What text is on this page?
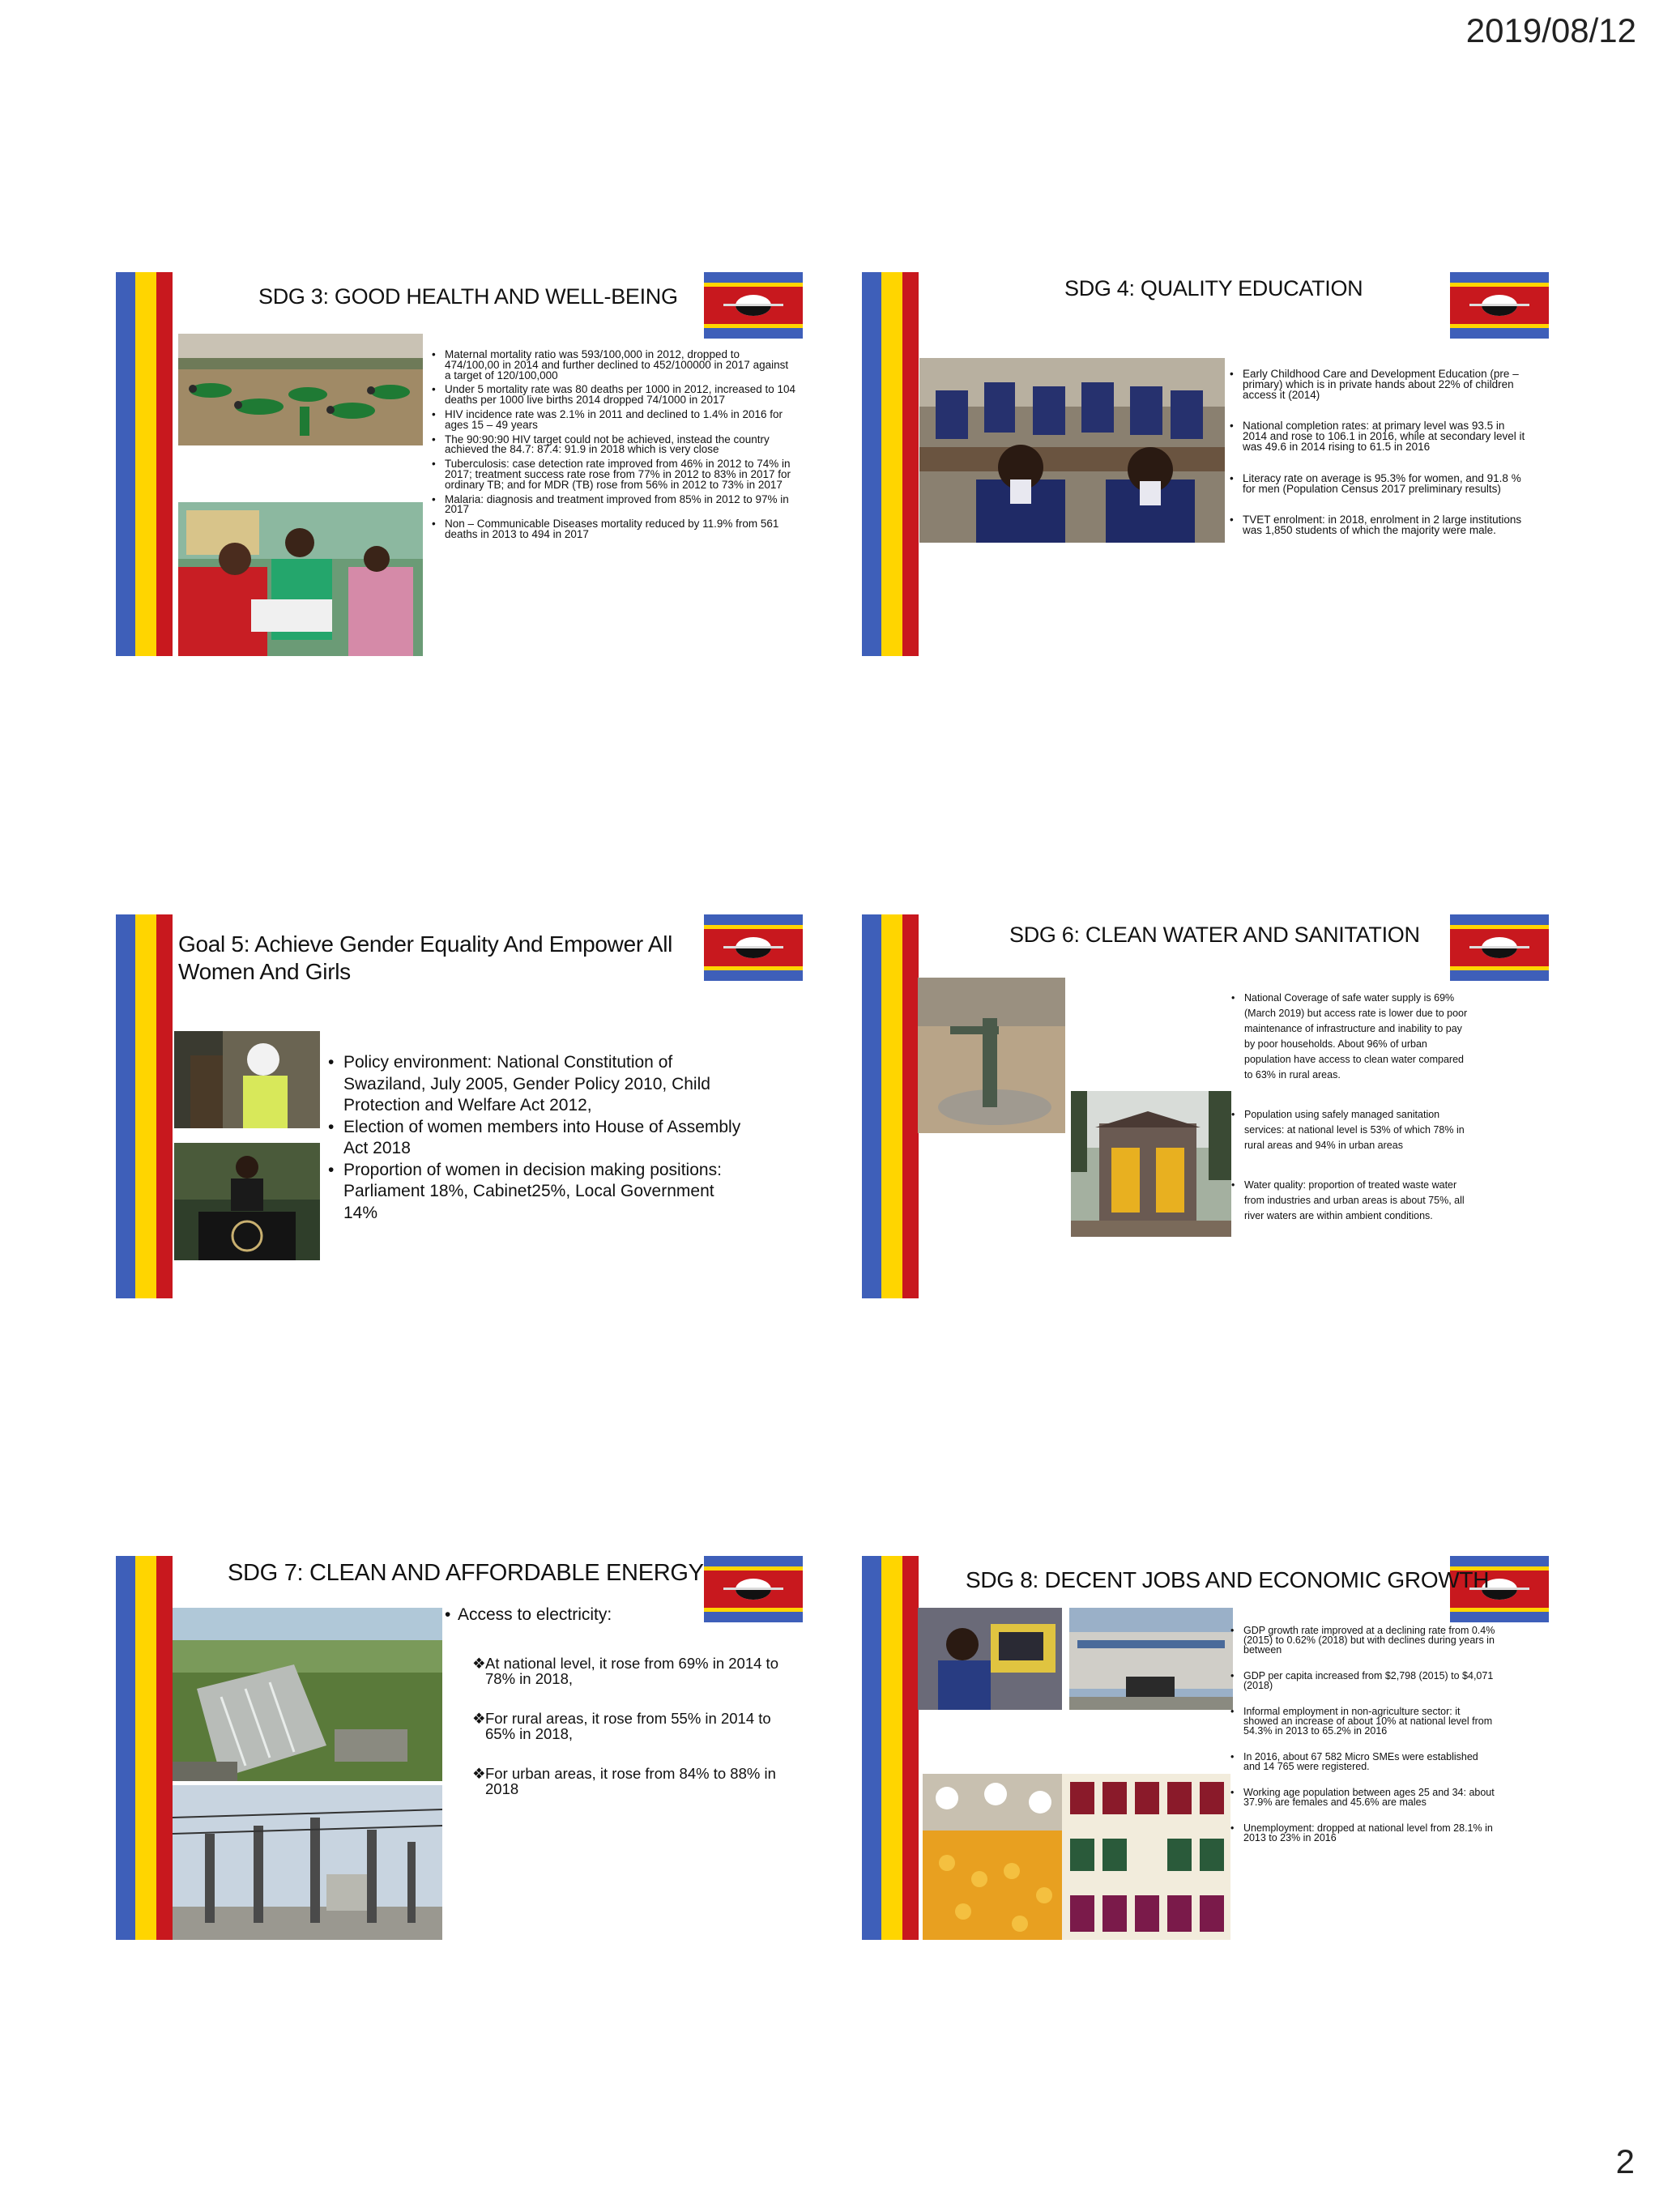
2019/08/12
SDG 3: GOOD HEALTH AND WELL-BEING
• Maternal mortality ratio was 593/100,000 in 2012, dropped to 474/100,00 in 2014 and further declined to 452/100000 in 2017 against a target of 120/100,000
• Under 5 mortality rate was 80 deaths per 1000 in 2012, increased to 104 deaths per 1000 live births 2014 dropped 74/1000 in 2017
• HIV incidence rate was 2.1% in 2011 and declined to 1.4% in 2016 for ages 15 – 49 years
• The 90:90:90 HIV target could not be achieved, instead the country achieved the 84.7: 87.4: 91.9 in 2018 which is very close
• Tuberculosis: case detection rate improved from 46% in 2012 to 74% in 2017; treatment success rate rose from 77% in 2012 to 83% in 2017 for ordinary TB; and for MDR (TB) rose from 56% in 2012 to 73% in 2017
• Malaria: diagnosis and treatment improved from 85% in 2012 to 97% in 2017
• Non – Communicable Diseases mortality reduced by 11.9% from 561 deaths in 2013 to 494 in 2017
SDG 4: QUALITY EDUCATION
• Early Childhood Care and Development Education (pre – primary) which is in private hands about 22% of children access it (2014)
• National completion rates: at primary level was 93.5 in 2014 and rose to 106.1 in 2016, while at secondary level it was 49.6 in 2014 rising to 61.5 in 2016
• Literacy rate on average is 95.3% for women, and 91.8 % for men (Population Census 2017 preliminary results)
• TVET enrolment: in 2018, enrolment in 2 large institutions was 1,850 students of which the majority were male.
Goal 5: Achieve Gender Equality And Empower All Women And Girls
• Policy environment: National Constitution of Swaziland, July 2005, Gender Policy 2010, Child Protection and Welfare Act 2012,
• Election of women members into House of Assembly Act 2018
• Proportion of women in decision making positions: Parliament 18%, Cabinet25%, Local Government 14%
SDG 6: CLEAN WATER AND SANITATION
• National Coverage of safe water supply is 69% (March 2019) but access rate is lower due to poor maintenance of infrastructure and inability to pay by poor households. About 96% of urban population have access to clean water compared to 63% in rural areas.
• Population using safely managed sanitation services: at national level is 53% of which 78% in rural areas and 94% in urban areas
• Water quality: proportion of treated waste water from industries and urban areas is about 75%, all river waters are within ambient conditions.
SDG 7: CLEAN AND AFFORDABLE ENERGY
• Access to electricity:
❖ At national level, it rose from 69% in 2014 to 78% in 2018,
❖ For rural areas, it rose from 55% in 2014 to 65% in 2018,
❖ For urban areas, it rose from 84% to 88% in 2018
SDG 8: DECENT JOBS AND ECONOMIC GROWTH
• GDP growth rate improved at a declining rate from 0.4% (2015) to 0.62% (2018) but with declines during years in between
• GDP per capita increased from $2,798 (2015) to $4,071 (2018)
• Informal employment in non-agriculture sector: it showed an increase of about 10% at national level from 54.3% in 2013 to 65.2% in 2016
• In 2016, about 67 582 Micro SMEs were established and 14 765 were registered.
• Working age population between ages 25 and 34: about 37.9% are females and 45.6% are males
• Unemployment: dropped at national level from 28.1% in 2013 to 23% in 2016
2
